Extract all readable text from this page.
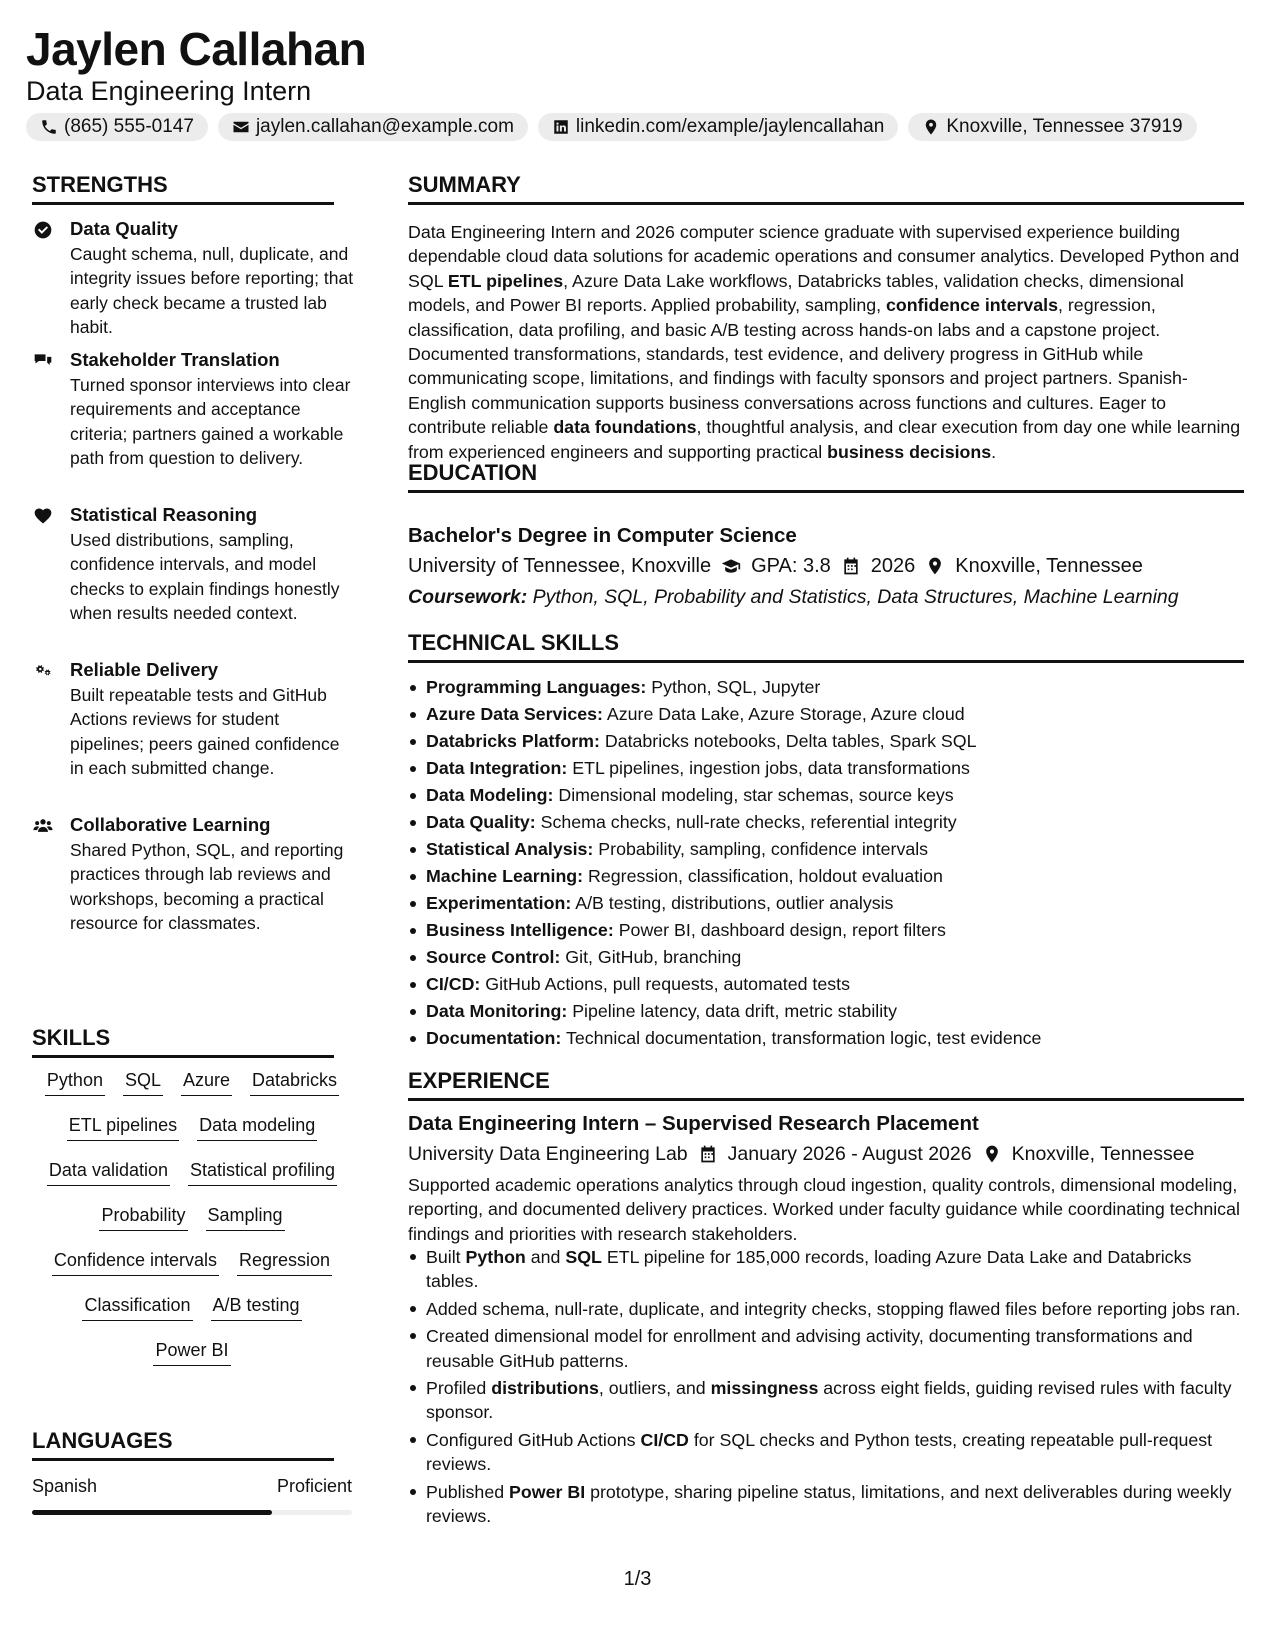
Jaylen Callahan
Data Engineering Intern
(865) 555-0147	jaylen.callahan@example.com	linkedin.com/example/jaylencallahan	Knoxville, Tennessee 37919
STRENGTHS
Data Quality
Caught schema, null, duplicate, and integrity issues before reporting; that early check became a trusted lab habit.
Stakeholder Translation
Turned sponsor interviews into clear requirements and acceptance criteria; partners gained a workable path from question to delivery.
Statistical Reasoning
Used distributions, sampling, confidence intervals, and model checks to explain findings honestly when results needed context.
Reliable Delivery
Built repeatable tests and GitHub Actions reviews for student pipelines; peers gained confidence in each submitted change.
Collaborative Learning
Shared Python, SQL, and reporting practices through lab reviews and workshops, becoming a practical resource for classmates.
SKILLS
Python SQL Azure Databricks
ETL pipelines Data modeling
Data validation Statistical profiling
Probability Sampling
Confidence intervals Regression
Classification A/B testing
Power BI
LANGUAGES
Spanish	Proficient
SUMMARY
Data Engineering Intern and 2026 computer science graduate with supervised experience building dependable cloud data solutions for academic operations and consumer analytics. Developed Python and SQL ETL pipelines, Azure Data Lake workflows, Databricks tables, validation checks, dimensional models, and Power BI reports. Applied probability, sampling, confidence intervals, regression, classification, data profiling, and basic A/B testing across hands-on labs and a capstone project. Documented transformations, standards, test evidence, and delivery progress in GitHub while communicating scope, limitations, and findings with faculty sponsors and project partners. Spanish-English communication supports business conversations across functions and cultures. Eager to contribute reliable data foundations, thoughtful analysis, and clear execution from day one while learning from experienced engineers and supporting practical business decisions.
EDUCATION
Bachelor's Degree in Computer Science
University of Tennessee, Knoxville GPA: 3.8 2026 Knoxville, Tennessee
Coursework: Python, SQL, Probability and Statistics, Data Structures, Machine Learning
TECHNICAL SKILLS
Programming Languages: Python, SQL, Jupyter
Azure Data Services: Azure Data Lake, Azure Storage, Azure cloud
Databricks Platform: Databricks notebooks, Delta tables, Spark SQL
Data Integration: ETL pipelines, ingestion jobs, data transformations
Data Modeling: Dimensional modeling, star schemas, source keys
Data Quality: Schema checks, null-rate checks, referential integrity
Statistical Analysis: Probability, sampling, confidence intervals
Machine Learning: Regression, classification, holdout evaluation
Experimentation: A/B testing, distributions, outlier analysis
Business Intelligence: Power BI, dashboard design, report filters
Source Control: Git, GitHub, branching
CI/CD: GitHub Actions, pull requests, automated tests
Data Monitoring: Pipeline latency, data drift, metric stability
Documentation: Technical documentation, transformation logic, test evidence
EXPERIENCE
Data Engineering Intern – Supervised Research Placement
University Data Engineering Lab January 2026 - August 2026 Knoxville, Tennessee
Supported academic operations analytics through cloud ingestion, quality controls, dimensional modeling, reporting, and documented delivery practices. Worked under faculty guidance while coordinating technical findings and priorities with research stakeholders.
Built Python and SQL ETL pipeline for 185,000 records, loading Azure Data Lake and Databricks tables.
Added schema, null-rate, duplicate, and integrity checks, stopping flawed files before reporting jobs ran.
Created dimensional model for enrollment and advising activity, documenting transformations and reusable GitHub patterns.
Profiled distributions, outliers, and missingness across eight fields, guiding revised rules with faculty sponsor.
Configured GitHub Actions CI/CD for SQL checks and Python tests, creating repeatable pull-request reviews.
Published Power BI prototype, sharing pipeline status, limitations, and next deliverables during weekly reviews.
1/3
